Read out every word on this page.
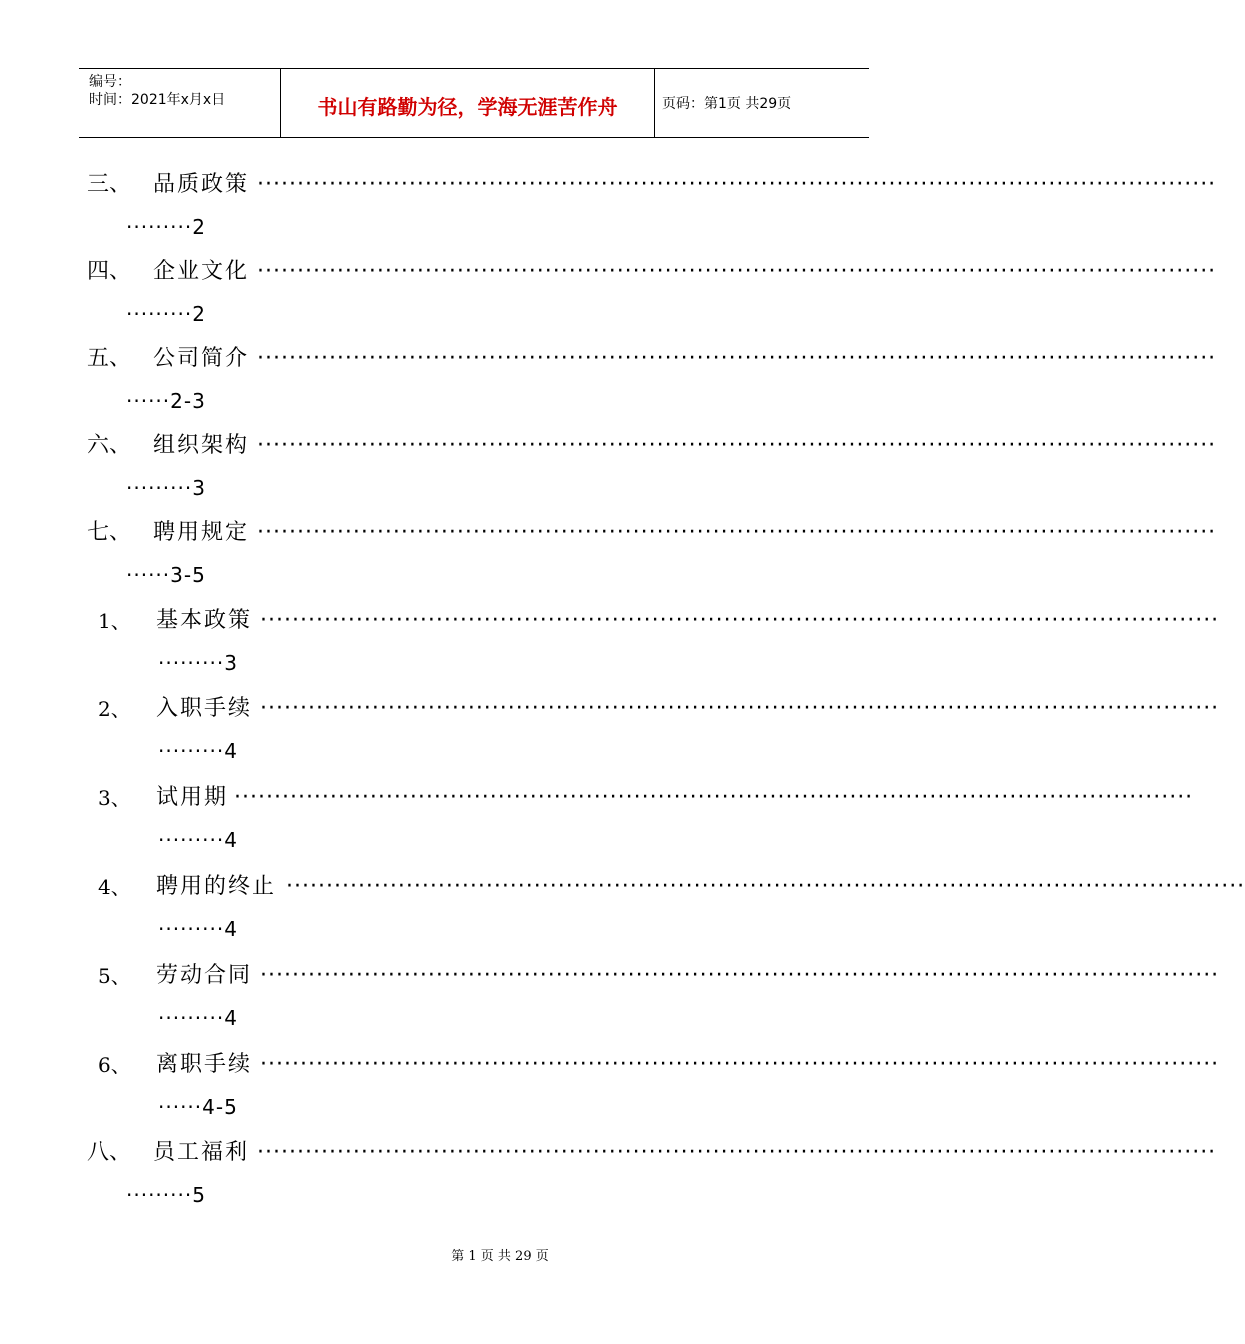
编号：
时间：2021年x月x日	书山有路勤为径，学海无涯苦作舟	页码：第1页 共29页
三、 品质政策 ························································································································
·········2
四、 企业文化 ························································································································
·········2
五、 公司简介 ························································································································
······2-3
六、 组织架构 ························································································································
·········3
七、 聘用规定 ························································································································
······3-5
1、 基本政策 ························································································································
·········3
2、 入职手续 ························································································································
·········4
3、 试用期 ························································································································
·········4
4、 聘用的终止 ························································································································
·········4
5、 劳动合同 ························································································································
·········4
6、 离职手续 ························································································································
······4-5
八、 员工福利 ························································································································
·········5
第 1 页 共 29 页
